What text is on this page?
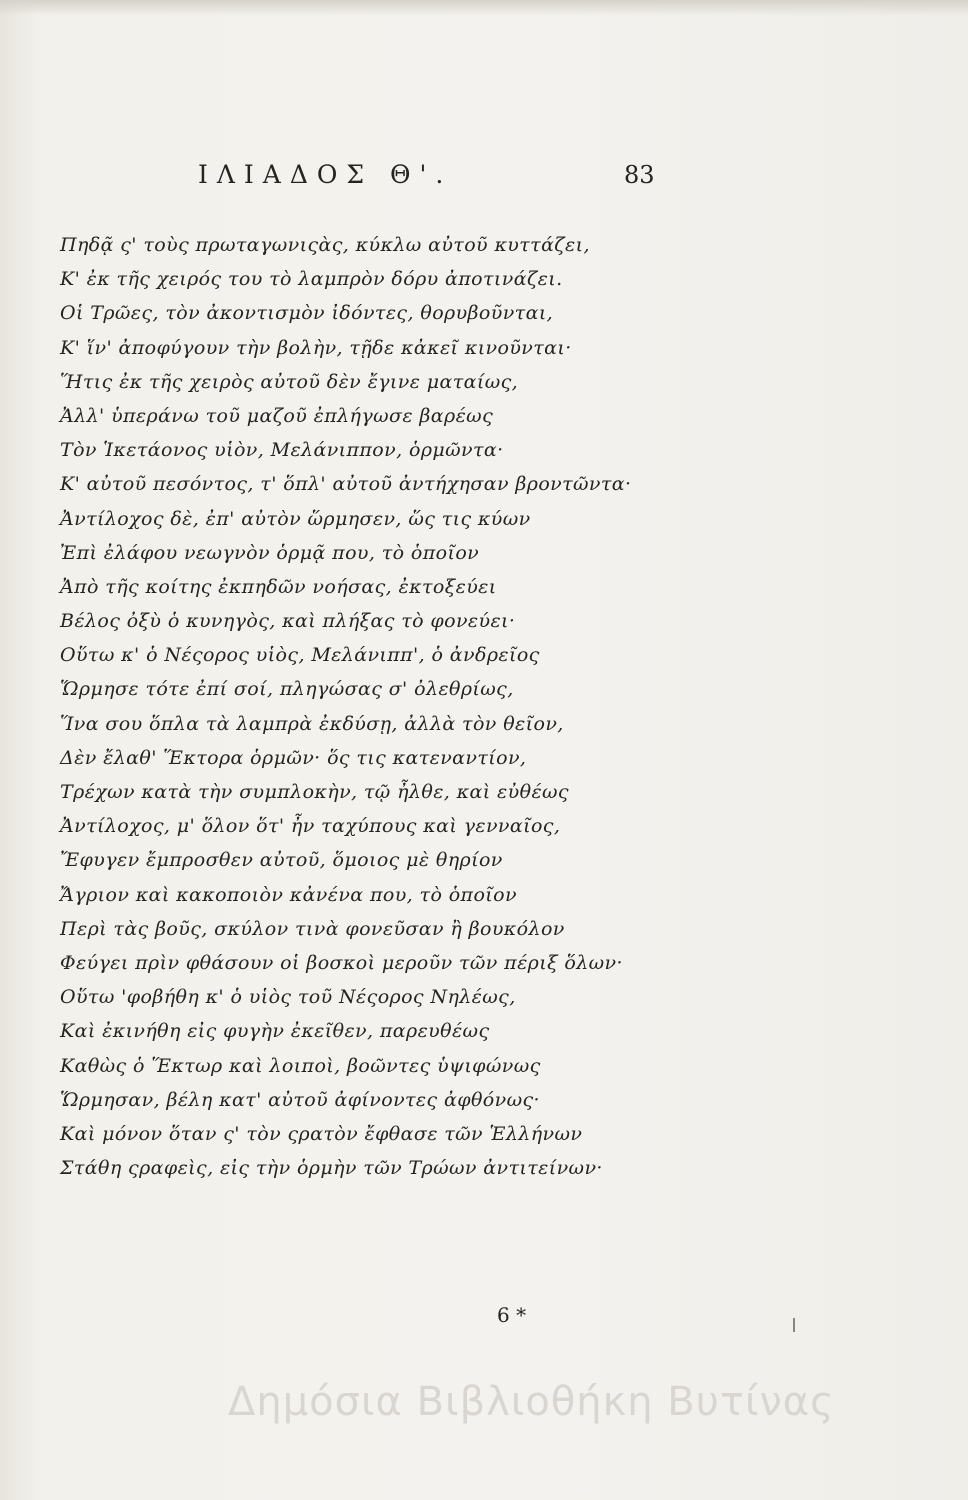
ΙΛΙΑΔΟΣ Θ'.	83
Πηδᾷ ς' τοὺς πρωταγωνιςὰς, κύκλω αὐτοῦ κυττάζει,
Κ' ἐκ τῆς χειρός του τὸ λαμπρὸν δόρυ ἀποτινάζει.
Οἱ Τρῶες, τὸν ἀκοντισμὸν ἰδόντες, θορυβοῦνται,
Κ' ἵν' ἀποφύγουν τὴν βολὴν, τῇδε κἀκεῖ κινοῦνται·
Ἥτις ἐκ τῆς χειρὸς αὐτοῦ δὲν ἔγινε ματαίως,
Ἀλλ' ὑπεράνω τοῦ μαζοῦ ἐπλήγωσε βαρέως
Τὸν Ἱκετάονος υἱὸν, Μελάνιππον, ὁρμῶντα·
Κ' αὐτοῦ πεσόντος, τ' ὅπλ' αὐτοῦ ἀντήχησαν βροντῶντα·
Ἀντίλοχος δὲ, ἐπ' αὐτὸν ὥρμησεν, ὥς τις κύων
Ἐπὶ ἐλάφου νεωγνὸν ὁρμᾷ που, τὸ ὁποῖον
Ἀπὸ τῆς κοίτης ἐκπηδῶν νοήσας, ἐκτοξεύει
Βέλος ὀξὺ ὁ κυνηγὸς, καὶ πλήξας τὸ φονεύει·
Οὕτω κ' ὁ Νέςορος υἱὸς, Μελάνιππ', ὁ ἀνδρεῖος
Ὥρμησε τότε ἐπί σοί, πληγώσας σ' ὀλεθρίως,
Ἵνα σου ὅπλα τὰ λαμπρὰ ἐκδύσῃ, ἀλλὰ τὸν θεῖον,
Δὲν ἔλαθ' Ἕκτορα ὁρμῶν· ὅς τις κατεναντίον,
Τρέχων κατὰ τὴν συμπλοκὴν, τῷ ἦλθε, καὶ εὐθέως
Ἀντίλοχος, μ' ὅλον ὅτ' ἦν ταχύπους καὶ γενναῖος,
Ἔφυγεν ἔμπροσθεν αὐτοῦ, ὅμοιος μὲ θηρίον
Ἄγριον καὶ κακοποιὸν κἀνένα που, τὸ ὁποῖον
Περὶ τὰς βοῦς, σκύλον τινὰ φονεῦσαν ἢ βουκόλον
Φεύγει πρὶν φθάσουν οἱ βοσκοὶ μεροῦν τῶν πέριξ ὅλων·
Οὕτω 'φοβήθη κ' ὁ υἱὸς τοῦ Νέςορος Νηλέως,
Καὶ ἐκινήθη εἰς φυγὴν ἐκεῖθεν, παρευθέως
Καθὼς ὁ Ἕκτωρ καὶ λοιποὶ, βοῶντες ὑψιφώνως
Ὥρμησαν, βέλη κατ' αὐτοῦ ἀφίνοντες ἀφθόνως·
Καὶ μόνον ὅταν ς' τὸν ςρατὸν ἔφθασε τῶν Ἑλλήνων
Στάθη ςραφεὶς, εἰς τὴν ὁρμὴν τῶν Τρώων ἀντιτείνων·
6 *
Δημόσια Βιβλιοθήκη Βυτίνας
